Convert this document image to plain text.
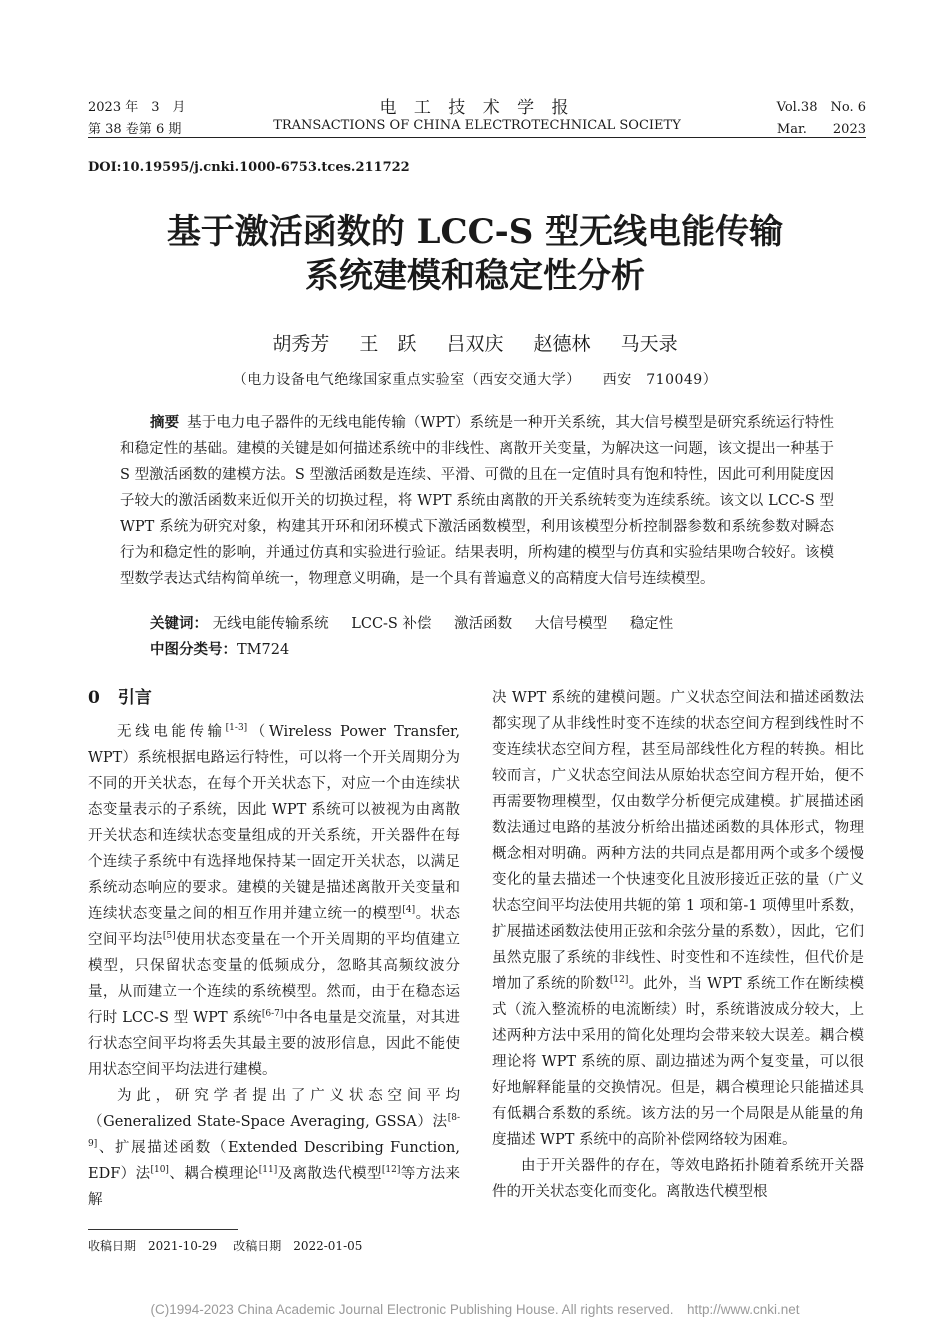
2023 年　3　月	电 工 技 术 学 报	Vol.38　No. 6
第 38 卷第 6 期	TRANSACTIONS OF CHINA ELECTROTECHNICAL SOCIETY	Mar.　　2023
DOI:10.19595/j.cnki.1000-6753.tces.211722
基于激活函数的 LCC-S 型无线电能传输
系统建模和稳定性分析
胡秀芳 王　跃 吕双庆 赵德林 马天录
（电力设备电气绝缘国家重点实验室（西安交通大学）　　西安　710049）
摘要 基于电力电子器件的无线电能传输（WPT）系统是一种开关系统，其大信号模型是研究系统运行特性和稳定性的基础。建模的关键是如何描述系统中的非线性、离散开关变量，为解决这一问题，该文提出一种基于 S 型激活函数的建模方法。S 型激活函数是连续、平滑、可微的且在一定值时具有饱和特性，因此可利用陡度因子较大的激活函数来近似开关的切换过程，将 WPT 系统由离散的开关系统转变为连续系统。该文以 LCC-S 型 WPT 系统为研究对象，构建其开环和闭环模式下激活函数模型，利用该模型分析控制器参数和系统参数对瞬态行为和稳定性的影响，并通过仿真和实验进行验证。结果表明，所构建的模型与仿真和实验结果吻合较好。该模型数学表达式结构简单统一，物理意义明确，是一个具有普遍意义的高精度大信号连续模型。
关键词： 无线电能传输系统 LCC-S 补偿 激活函数 大信号模型 稳定性
中图分类号：TM724
0 引言

无线电能传输[1-3]（Wireless Power Transfer, WPT）系统根据电路运行特性，可以将一个开关周期分为不同的开关状态，在每个开关状态下，对应一个由连续状态变量表示的子系统，因此 WPT 系统可以被视为由离散开关状态和连续状态变量组成的开关系统，开关器件在每个连续子系统中有选择地保持某一固定开关状态，以满足系统动态响应的要求。建模的关键是描述离散开关变量和连续状态变量之间的相互作用并建立统一的模型[4]。状态空间平均法[5]使用状态变量在一个开关周期的平均值建立模型，只保留状态变量的低频成分，忽略其高频纹波分量，从而建立一个连续的系统模型。然而，由于在稳态运行时 LCC-S 型 WPT 系统[6-7]中各电量是交流量，对其进行状态空间平均将丢失其最主要的波形信息，因此不能使用状态空间平均法进行建模。

为此，研究学者提出了广义状态空间平均（Generalized State-Space Averaging, GSSA）法[8-9]、扩展描述函数（Extended Describing Function, EDF）法[10]、耦合模理论[11]及离散迭代模型[12]等方法来解

决 WPT 系统的建模问题。广义状态空间法和描述函数法都实现了从非线性时变不连续的状态空间方程到线性时不变连续状态空间方程，甚至局部线性化方程的转换。相比较而言，广义状态空间法从原始状态空间方程开始，便不再需要物理模型，仅由数学分析便完成建模。扩展描述函数法通过电路的基波分析给出描述函数的具体形式，物理概念相对明确。两种方法的共同点是都用两个或多个缓慢变化的量去描述一个快速变化且波形接近正弦的量（广义状态空间平均法使用共轭的第 1 项和第-1 项傅里叶系数，扩展描述函数法使用正弦和余弦分量的系数），因此，它们虽然克服了系统的非线性、时变性和不连续性，但代价是增加了系统的阶数[12]。此外，当 WPT 系统工作在断续模式（流入整流桥的电流断续）时，系统谐波成分较大，上述两种方法中采用的简化处理均会带来较大误差。耦合模理论将 WPT 系统的原、副边描述为两个复变量，可以很好地解释能量的交换情况。但是，耦合模理论只能描述具有低耦合系数的系统。该方法的另一个局限是从能量的角度描述 WPT 系统中的高阶补偿网络较为困难。

由于开关器件的存在，等效电路拓扑随着系统开关器件的开关状态变化而变化。离散迭代模型根

收稿日期　2021-10-29 改稿日期　2022-01-05
(C)1994-2023 China Academic Journal Electronic Publishing House. All rights reserved.　http://www.cnki.net
